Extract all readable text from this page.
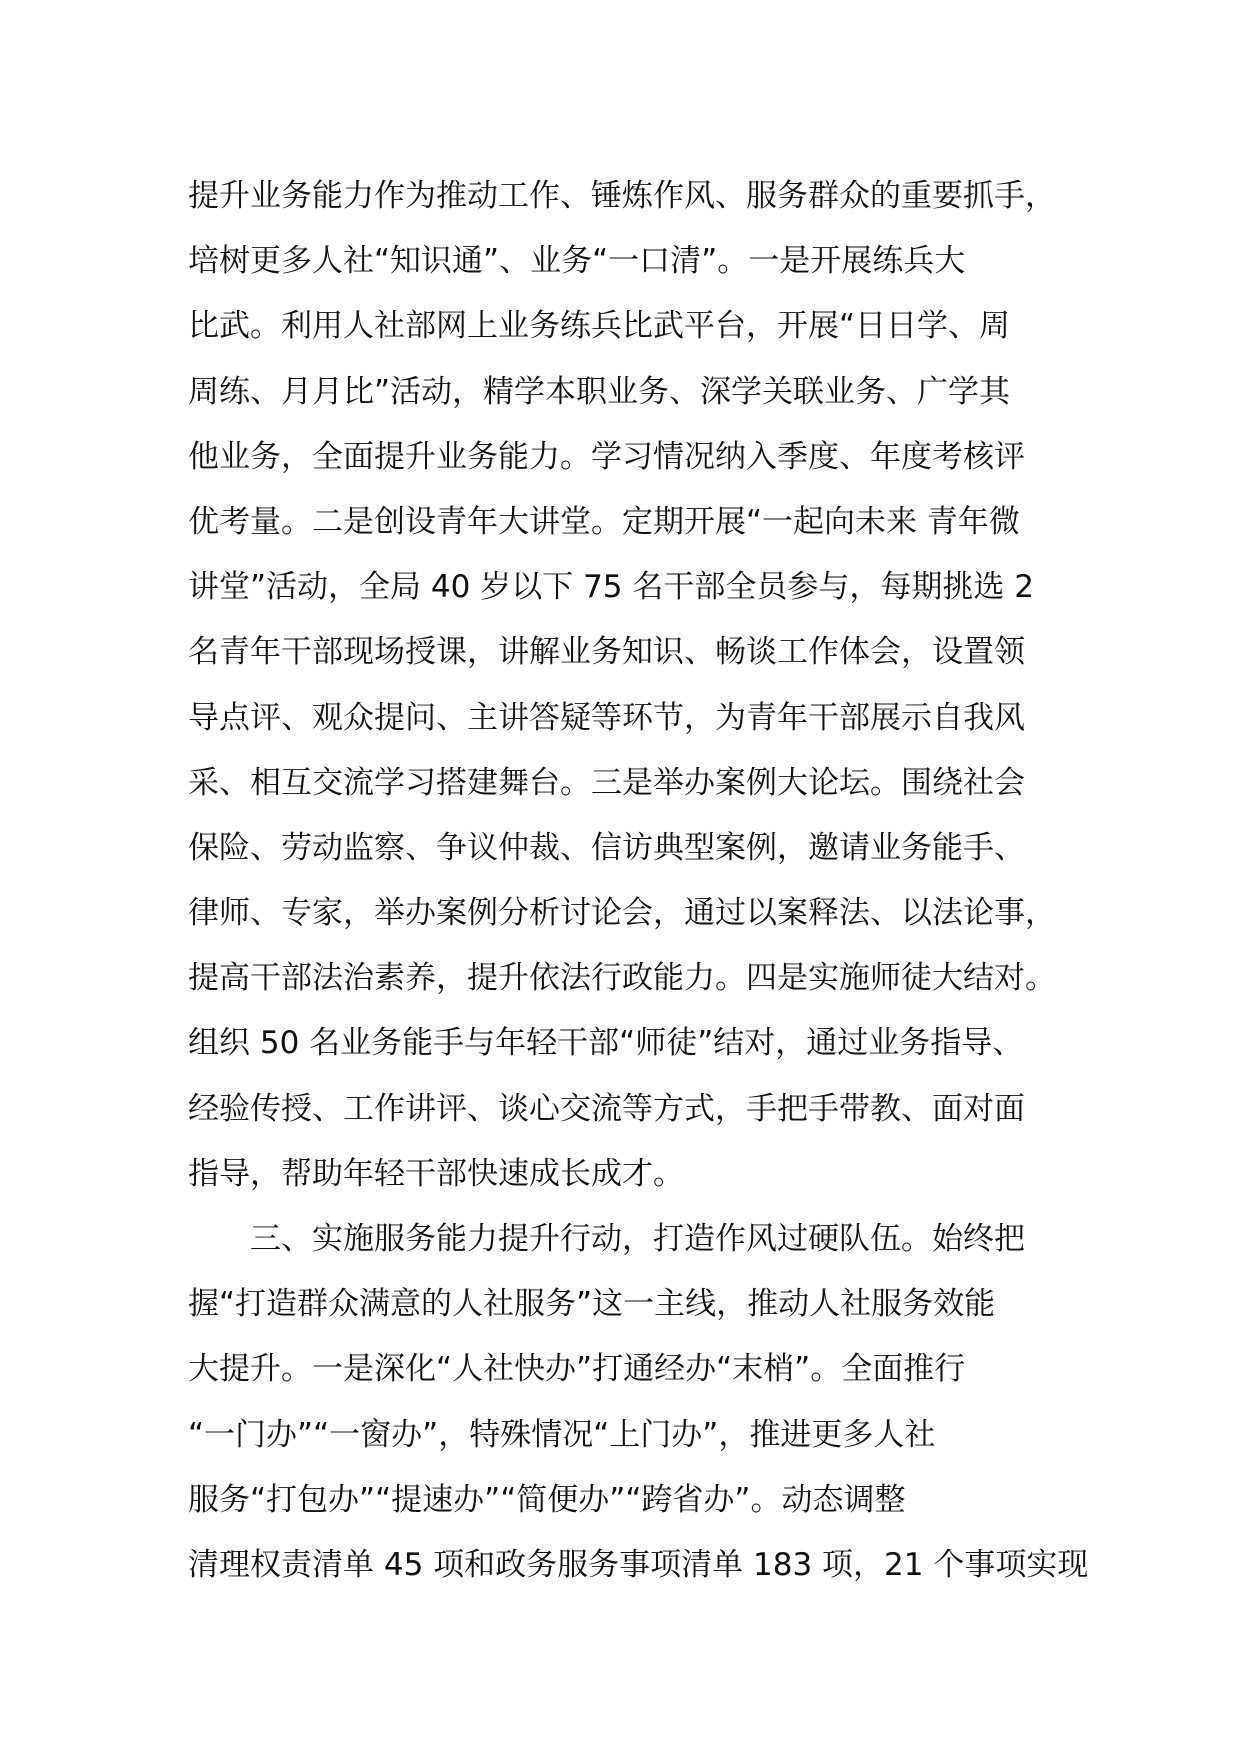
提升业务能力作为推动工作、锤炼作风、服务群众的重要抓手，
培树更多人社“知识通”、业务“一口清”。一是开展练兵大
比武。利用人社部网上业务练兵比武平台，开展“日日学、周
周练、月月比”活动，精学本职业务、深学关联业务、广学其
他业务，全面提升业务能力。学习情况纳入季度、年度考核评
优考量。二是创设青年大讲堂。定期开展“一起向未来 青年微
讲堂”活动，全局 40 岁以下 75 名干部全员参与，每期挑选 2
名青年干部现场授课，讲解业务知识、畅谈工作体会，设置领
导点评、观众提问、主讲答疑等环节，为青年干部展示自我风
采、相互交流学习搭建舞台。三是举办案例大论坛。围绕社会
保险、劳动监察、争议仲裁、信访典型案例，邀请业务能手、
律师、专家，举办案例分析讨论会，通过以案释法、以法论事，
提高干部法治素养，提升依法行政能力。四是实施师徒大结对。
组织 50 名业务能手与年轻干部“师徒”结对，通过业务指导、
经验传授、工作讲评、谈心交流等方式，手把手带教、面对面
指导，帮助年轻干部快速成长成才。
　　三、实施服务能力提升行动，打造作风过硬队伍。始终把
握“打造群众满意的人社服务”这一主线，推动人社服务效能
大提升。一是深化“人社快办”打通经办“末梢”。全面推行
“一门办”“一窗办”，特殊情况“上门办”，推进更多人社
服务“打包办”“提速办”“简便办”“跨省办”。动态调整
清理权责清单 45 项和政务服务事项清单 183 项，21 个事项实现
